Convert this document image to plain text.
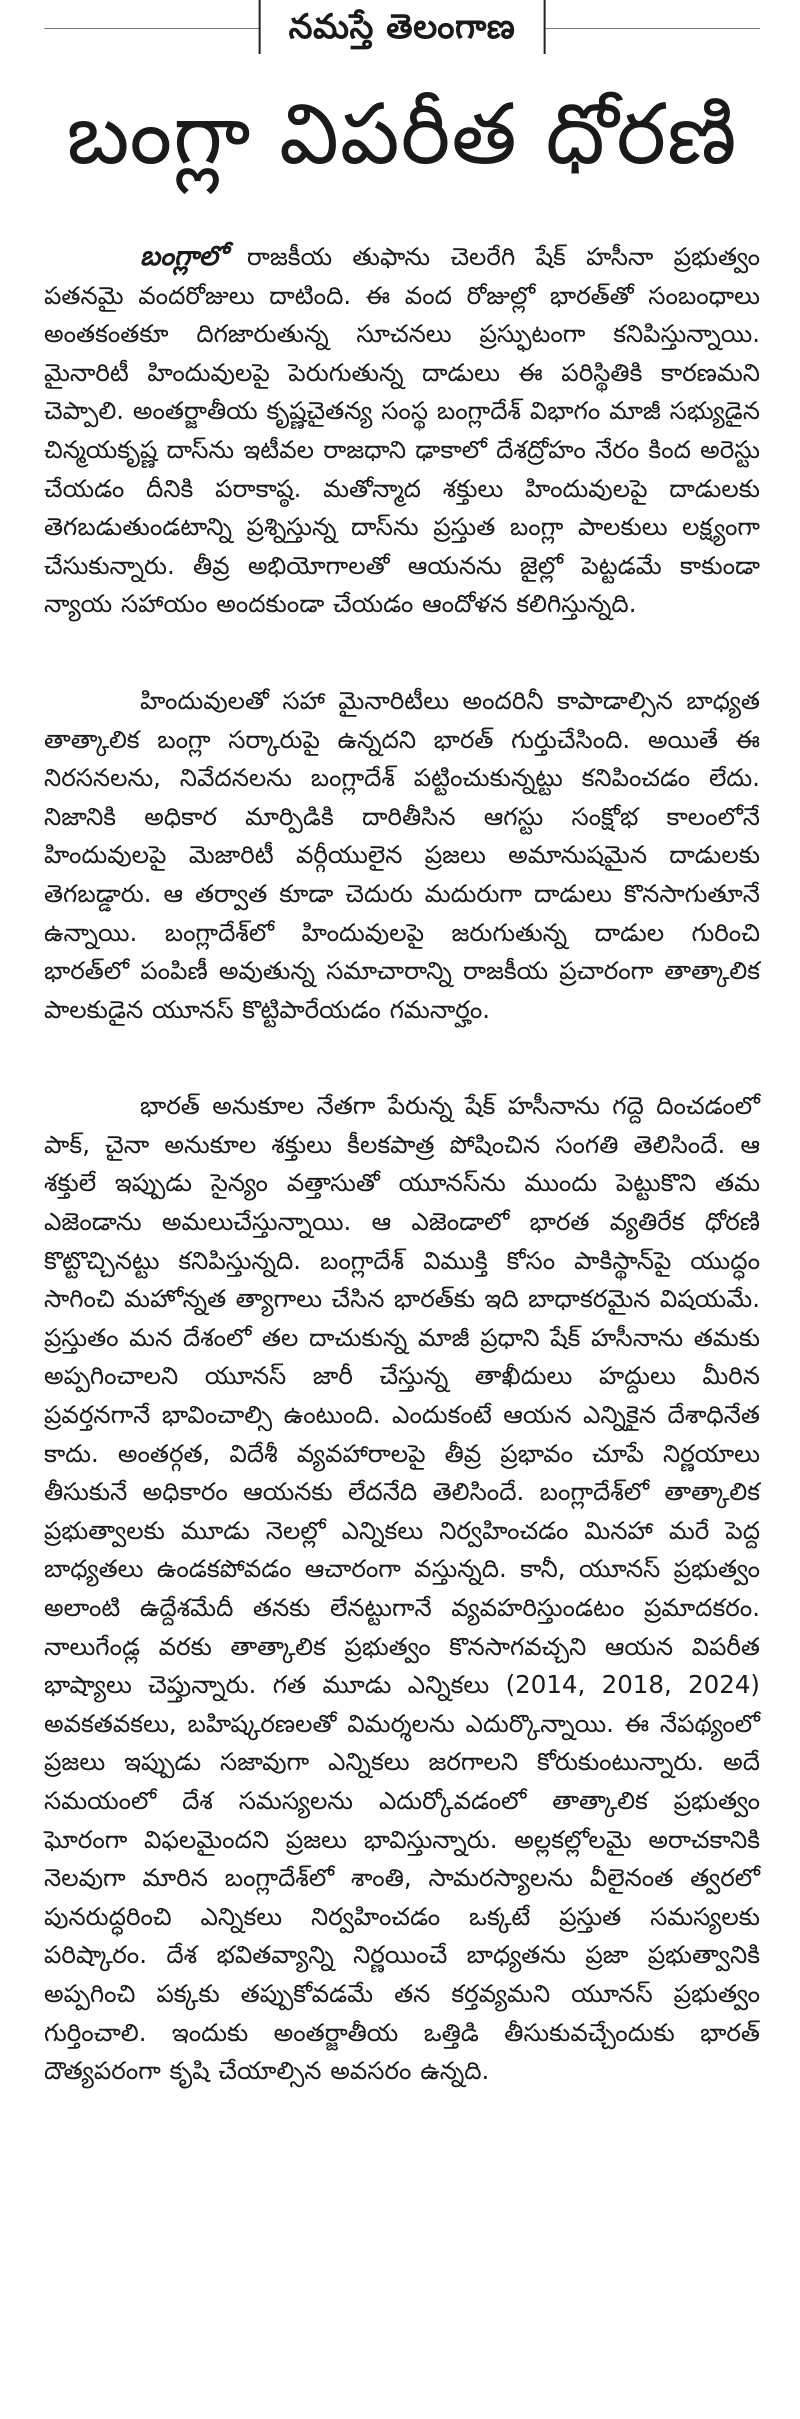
నమస్తే తెలంగాణ
బంగ్లా విపరీత ధోరణి

బంగ్లాలో రాజకీయ తుఫాను చెలరేగి షేక్ హసీనా ప్రభుత్వం పతనమై వందరోజులు దాటింది. ఈ వంద రోజుల్లో భారత్‌తో సంబంధాలు అంతకంతకూ దిగజారుతున్న సూచనలు ప్రస్ఫుటంగా కనిపిస్తున్నాయి. మైనారిటీ హిందువులపై పెరుగుతున్న దాడులు ఈ పరిస్థితికి కారణమని చెప్పాలి. అంతర్జాతీయ కృష్ణచైతన్య సంస్థ బంగ్లాదేశ్ విభాగం మాజీ సభ్యుడైన చిన్మయకృష్ణ దాస్‌ను ఇటీవల రాజధాని ఢాకాలో దేశద్రోహం నేరం కింద అరెస్టు చేయడం దీనికి పరాకాష్ఠ. మతోన్మాద శక్తులు హిందువులపై దాడులకు తెగబడుతుండటాన్ని ప్రశ్నిస్తున్న దాస్‌ను ప్రస్తుత బంగ్లా పాలకులు లక్ష్యంగా చేసుకున్నారు. తీవ్ర అభియోగాలతో ఆయనను జైల్లో పెట్టడమే కాకుండా న్యాయ సహాయం అందకుండా చేయడం ఆందోళన కలిగిస్తున్నది.

హిందువులతో సహా మైనారిటీలు అందరినీ కాపాడాల్సిన బాధ్యత తాత్కాలిక బంగ్లా సర్కారుపై ఉన్నదని భారత్ గుర్తుచేసింది. అయితే ఈ నిరసనలను, నివేదనలను బంగ్లాదేశ్ పట్టించుకున్నట్టు కనిపించడం లేదు. నిజానికి అధికార మార్పిడికి దారితీసిన ఆగస్టు సంక్షోభ కాలంలోనే హిందువులపై మెజారిటీ వర్గీయులైన ప్రజలు అమానుషమైన దాడులకు తెగబడ్డారు. ఆ తర్వాత కూడా చెదురు మదురుగా దాడులు కొనసాగుతూనే ఉన్నాయి. బంగ్లాదేశ్‌లో హిందువులపై జరుగుతున్న దాడుల గురించి భారత్‌లో పంపిణీ అవుతున్న సమాచారాన్ని రాజకీయ ప్రచారంగా తాత్కాలిక పాలకుడైన యూనస్ కొట్టిపారేయడం గమనార్హం.

భారత్ అనుకూల నేతగా పేరున్న షేక్ హసీనాను గద్దె దించడంలో పాక్, చైనా అనుకూల శక్తులు కీలకపాత్ర పోషించిన సంగతి తెలిసిందే. ఆ శక్తులే ఇప్పుడు సైన్యం వత్తాసుతో యూనస్‌ను ముందు పెట్టుకొని తమ ఎజెండాను అమలుచేస్తున్నాయి. ఆ ఎజెండాలో భారత వ్యతిరేక ధోరణి కొట్టొచ్చినట్టు కనిపిస్తున్నది. బంగ్లాదేశ్ విముక్తి కోసం పాకిస్థాన్‌పై యుద్ధం సాగించి మహోన్నత త్యాగాలు చేసిన భారత్‌కు ఇది బాధాకరమైన విషయమే. ప్రస్తుతం మన దేశంలో తల దాచుకున్న మాజీ ప్రధాని షేక్ హసీనాను తమకు అప్పగించాలని యూనస్ జారీ చేస్తున్న తాఖీదులు హద్దులు మీరిన ప్రవర్తనగానే భావించాల్సి ఉంటుంది. ఎందుకంటే ఆయన ఎన్నికైన దేశాధినేత కాదు. అంతర్గత, విదేశీ వ్యవహారాలపై తీవ్ర ప్రభావం చూపే నిర్ణయాలు తీసుకునే అధికారం ఆయనకు లేదనేది తెలిసిందే. బంగ్లాదేశ్‌లో తాత్కాలిక ప్రభుత్వాలకు మూడు నెలల్లో ఎన్నికలు నిర్వహించడం మినహా మరే పెద్ద బాధ్యతలు ఉండకపోవడం ఆచారంగా వస్తున్నది. కానీ, యూనస్ ప్రభుత్వం అలాంటి ఉద్దేశమేదీ తనకు లేనట్టుగానే వ్యవహరిస్తుండటం ప్రమాదకరం. నాలుగేండ్ల వరకు తాత్కాలిక ప్రభుత్వం కొనసాగవచ్చని ఆయన విపరీత భాష్యాలు చెప్తున్నారు. గత మూడు ఎన్నికలు (2014, 2018, 2024) అవకతవకలు, బహిష్కరణలతో విమర్శలను ఎదుర్కొన్నాయి. ఈ నేపథ్యంలో ప్రజలు ఇప్పుడు సజావుగా ఎన్నికలు జరగాలని కోరుకుంటున్నారు. అదే సమయంలో దేశ సమస్యలను ఎదుర్కోవడంలో తాత్కాలిక ప్రభుత్వం ఘోరంగా విఫలమైందని ప్రజలు భావిస్తున్నారు. అల్లకల్లోలమై అరాచకానికి నెలవుగా మారిన బంగ్లాదేశ్‌లో శాంతి, సామరస్యాలను వీలైనంత త్వరలో పునరుద్ధరించి ఎన్నికలు నిర్వహించడం ఒక్కటే ప్రస్తుత సమస్యలకు పరిష్కారం. దేశ భవితవ్యాన్ని నిర్ణయించే బాధ్యతను ప్రజా ప్రభుత్వానికి అప్పగించి పక్కకు తప్పుకోవడమే తన కర్తవ్యమని యూనస్ ప్రభుత్వం గుర్తించాలి. ఇందుకు అంతర్జాతీయ ఒత్తిడి తీసుకువచ్చేందుకు భారత్ దౌత్యపరంగా కృషి చేయాల్సిన అవసరం ఉన్నది.
